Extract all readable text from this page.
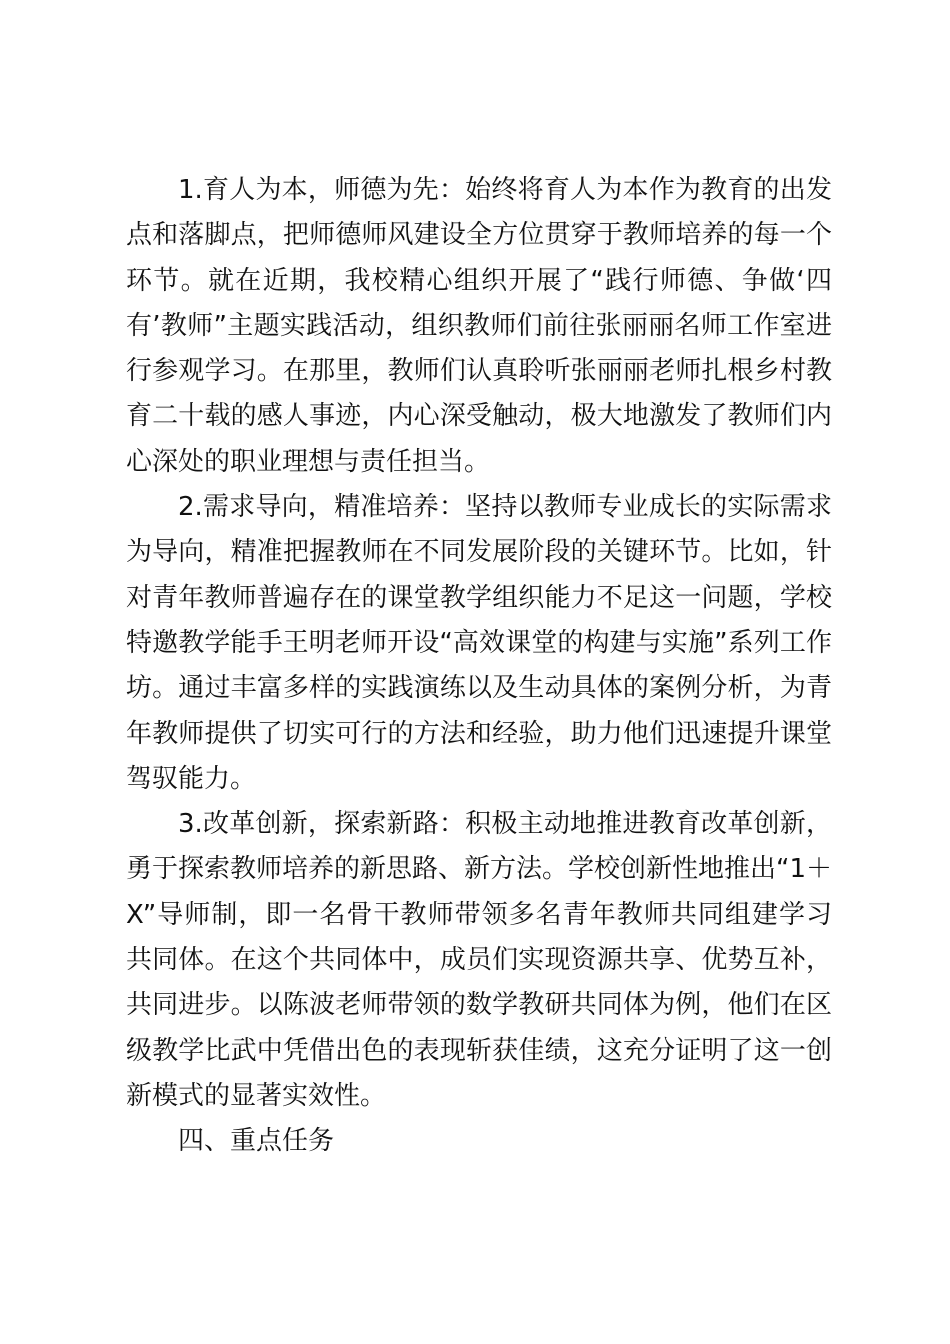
1.育人为本，师德为先：始终将育人为本作为教育的出发点和落脚点，把师德师风建设全方位贯穿于教师培养的每一个环节。就在近期，我校精心组织开展了“践行师德、争做‘四有’教师”主题实践活动，组织教师们前往张丽丽名师工作室进行参观学习。在那里，教师们认真聆听张丽丽老师扎根乡村教育二十载的感人事迹，内心深受触动，极大地激发了教师们内心深处的职业理想与责任担当。

2.需求导向，精准培养：坚持以教师专业成长的实际需求为导向，精准把握教师在不同发展阶段的关键环节。比如，针对青年教师普遍存在的课堂教学组织能力不足这一问题，学校特邀教学能手王明老师开设“高效课堂的构建与实施”系列工作坊。通过丰富多样的实践演练以及生动具体的案例分析，为青年教师提供了切实可行的方法和经验，助力他们迅速提升课堂驾驭能力。

3.改革创新，探索新路：积极主动地推进教育改革创新，勇于探索教师培养的新思路、新方法。学校创新性地推出“1＋X”导师制，即一名骨干教师带领多名青年教师共同组建学习共同体。在这个共同体中，成员们实现资源共享、优势互补，共同进步。以陈波老师带领的数学教研共同体为例，他们在区级教学比武中凭借出色的表现斩获佳绩，这充分证明了这一创新模式的显著实效性。

四、重点任务
